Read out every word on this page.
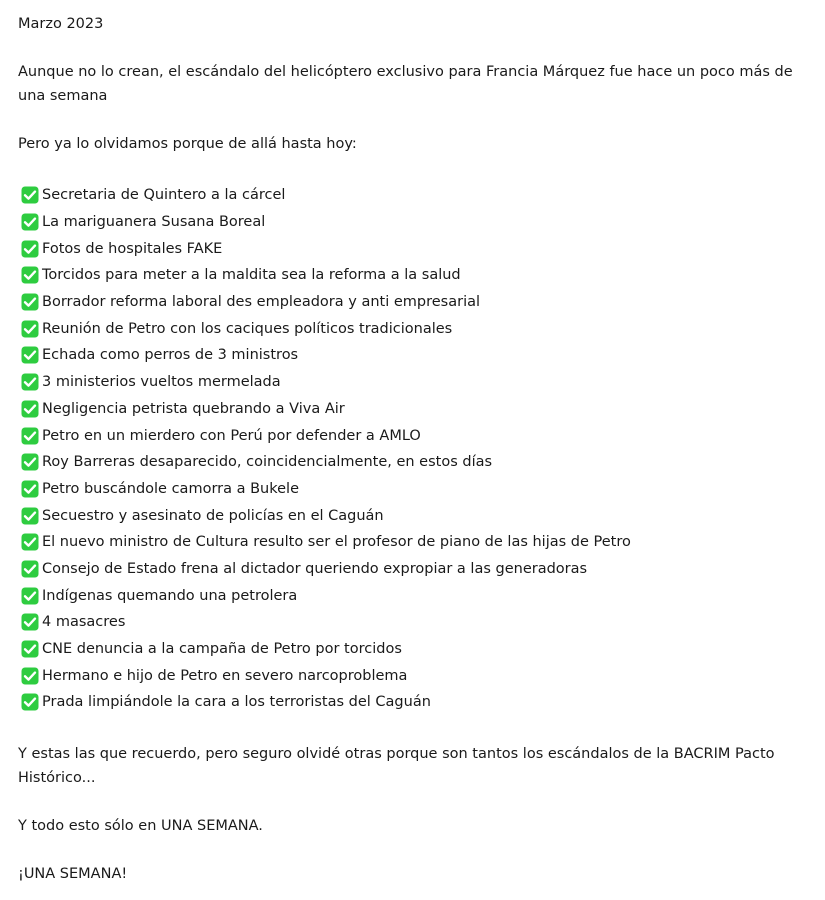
Marzo 2023

Aunque no lo crean, el escándalo del helicóptero exclusivo para Francia Márquez fue hace un poco más de una semana

Pero ya lo olvidamos porque de allá hasta hoy:

Secretaria de Quintero a la cárcel
La mariguanera Susana Boreal
Fotos de hospitales FAKE
Torcidos para meter a la maldita sea la reforma a la salud
Borrador reforma laboral des empleadora y anti empresarial
Reunión de Petro con los caciques políticos tradicionales
Echada como perros de 3 ministros
3 ministerios vueltos mermelada
Negligencia petrista quebrando a Viva Air
Petro en un mierdero con Perú por defender a AMLO
Roy Barreras desaparecido, coincidencialmente, en estos días
Petro buscándole camorra a Bukele
Secuestro y asesinato de policías en el Caguán
El nuevo ministro de Cultura resulto ser el profesor de piano de las hijas de Petro
Consejo de Estado frena al dictador queriendo expropiar a las generadoras
Indígenas quemando una petrolera
4 masacres
CNE denuncia a la campaña de Petro por torcidos
Hermano e hijo de Petro en severo narcoproblema
Prada limpiándole la cara a los terroristas del Caguán

Y estas las que recuerdo, pero seguro olvidé otras porque son tantos los escándalos de la BACRIM Pacto Histórico...

Y todo esto sólo en UNA SEMANA.

¡UNA SEMANA!
